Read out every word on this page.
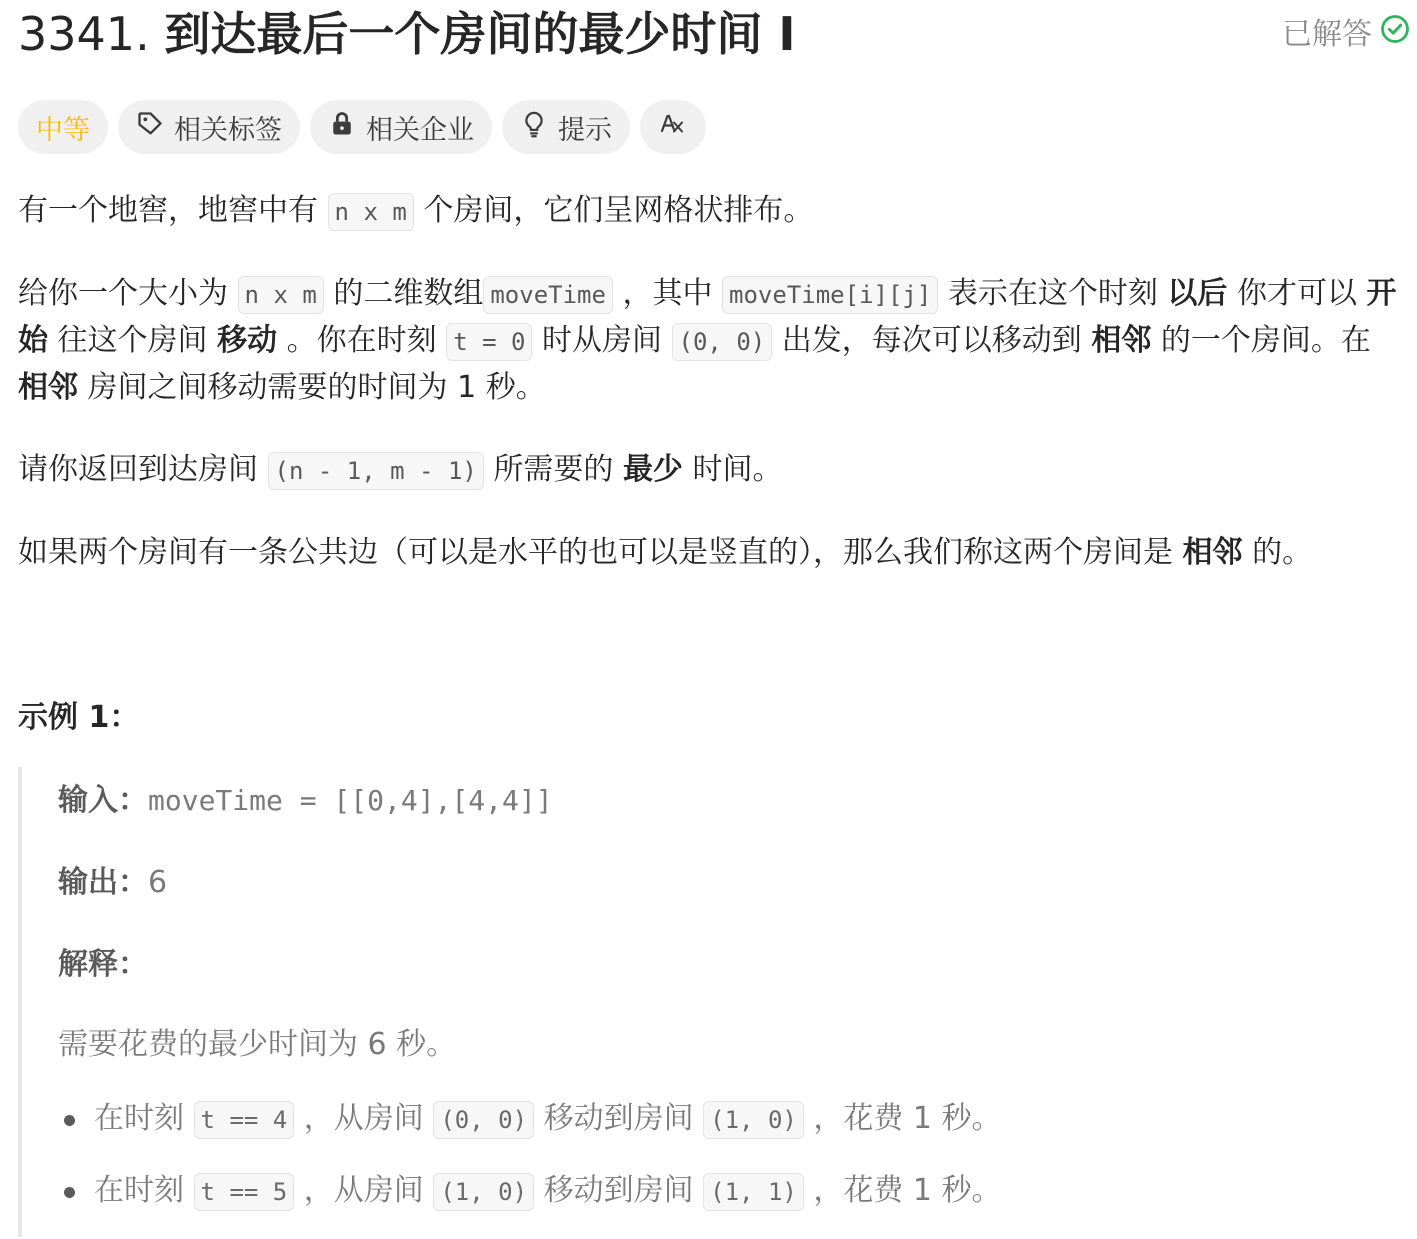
3341. 到达最后一个房间的最少时间 I	已解答
中等	相关标签	相关企业	提示

有一个地窖，地窖中有 n x m 个房间，它们呈网格状排布。

给你一个大小为 n x m 的二维数组 moveTime ，其中 moveTime[i][j] 表示在这个时刻 以后 你才可以 开始 往这个房间 移动 。你在时刻 t = 0 时从房间 (0, 0) 出发，每次可以移动到 相邻 的一个房间。在 相邻 房间之间移动需要的时间为 1 秒。

请你返回到达房间 (n - 1, m - 1) 所需要的 最少 时间。

如果两个房间有一条公共边（可以是水平的也可以是竖直的），那么我们称这两个房间是 相邻 的。

示例 1：
输入：moveTime = [[0,4],[4,4]]
输出：6
解释：
需要花费的最少时间为 6 秒。
在时刻 t == 4 ，从房间 (0, 0) 移动到房间 (1, 0) ，花费 1 秒。
在时刻 t == 5 ，从房间 (1, 0) 移动到房间 (1, 1) ，花费 1 秒。
